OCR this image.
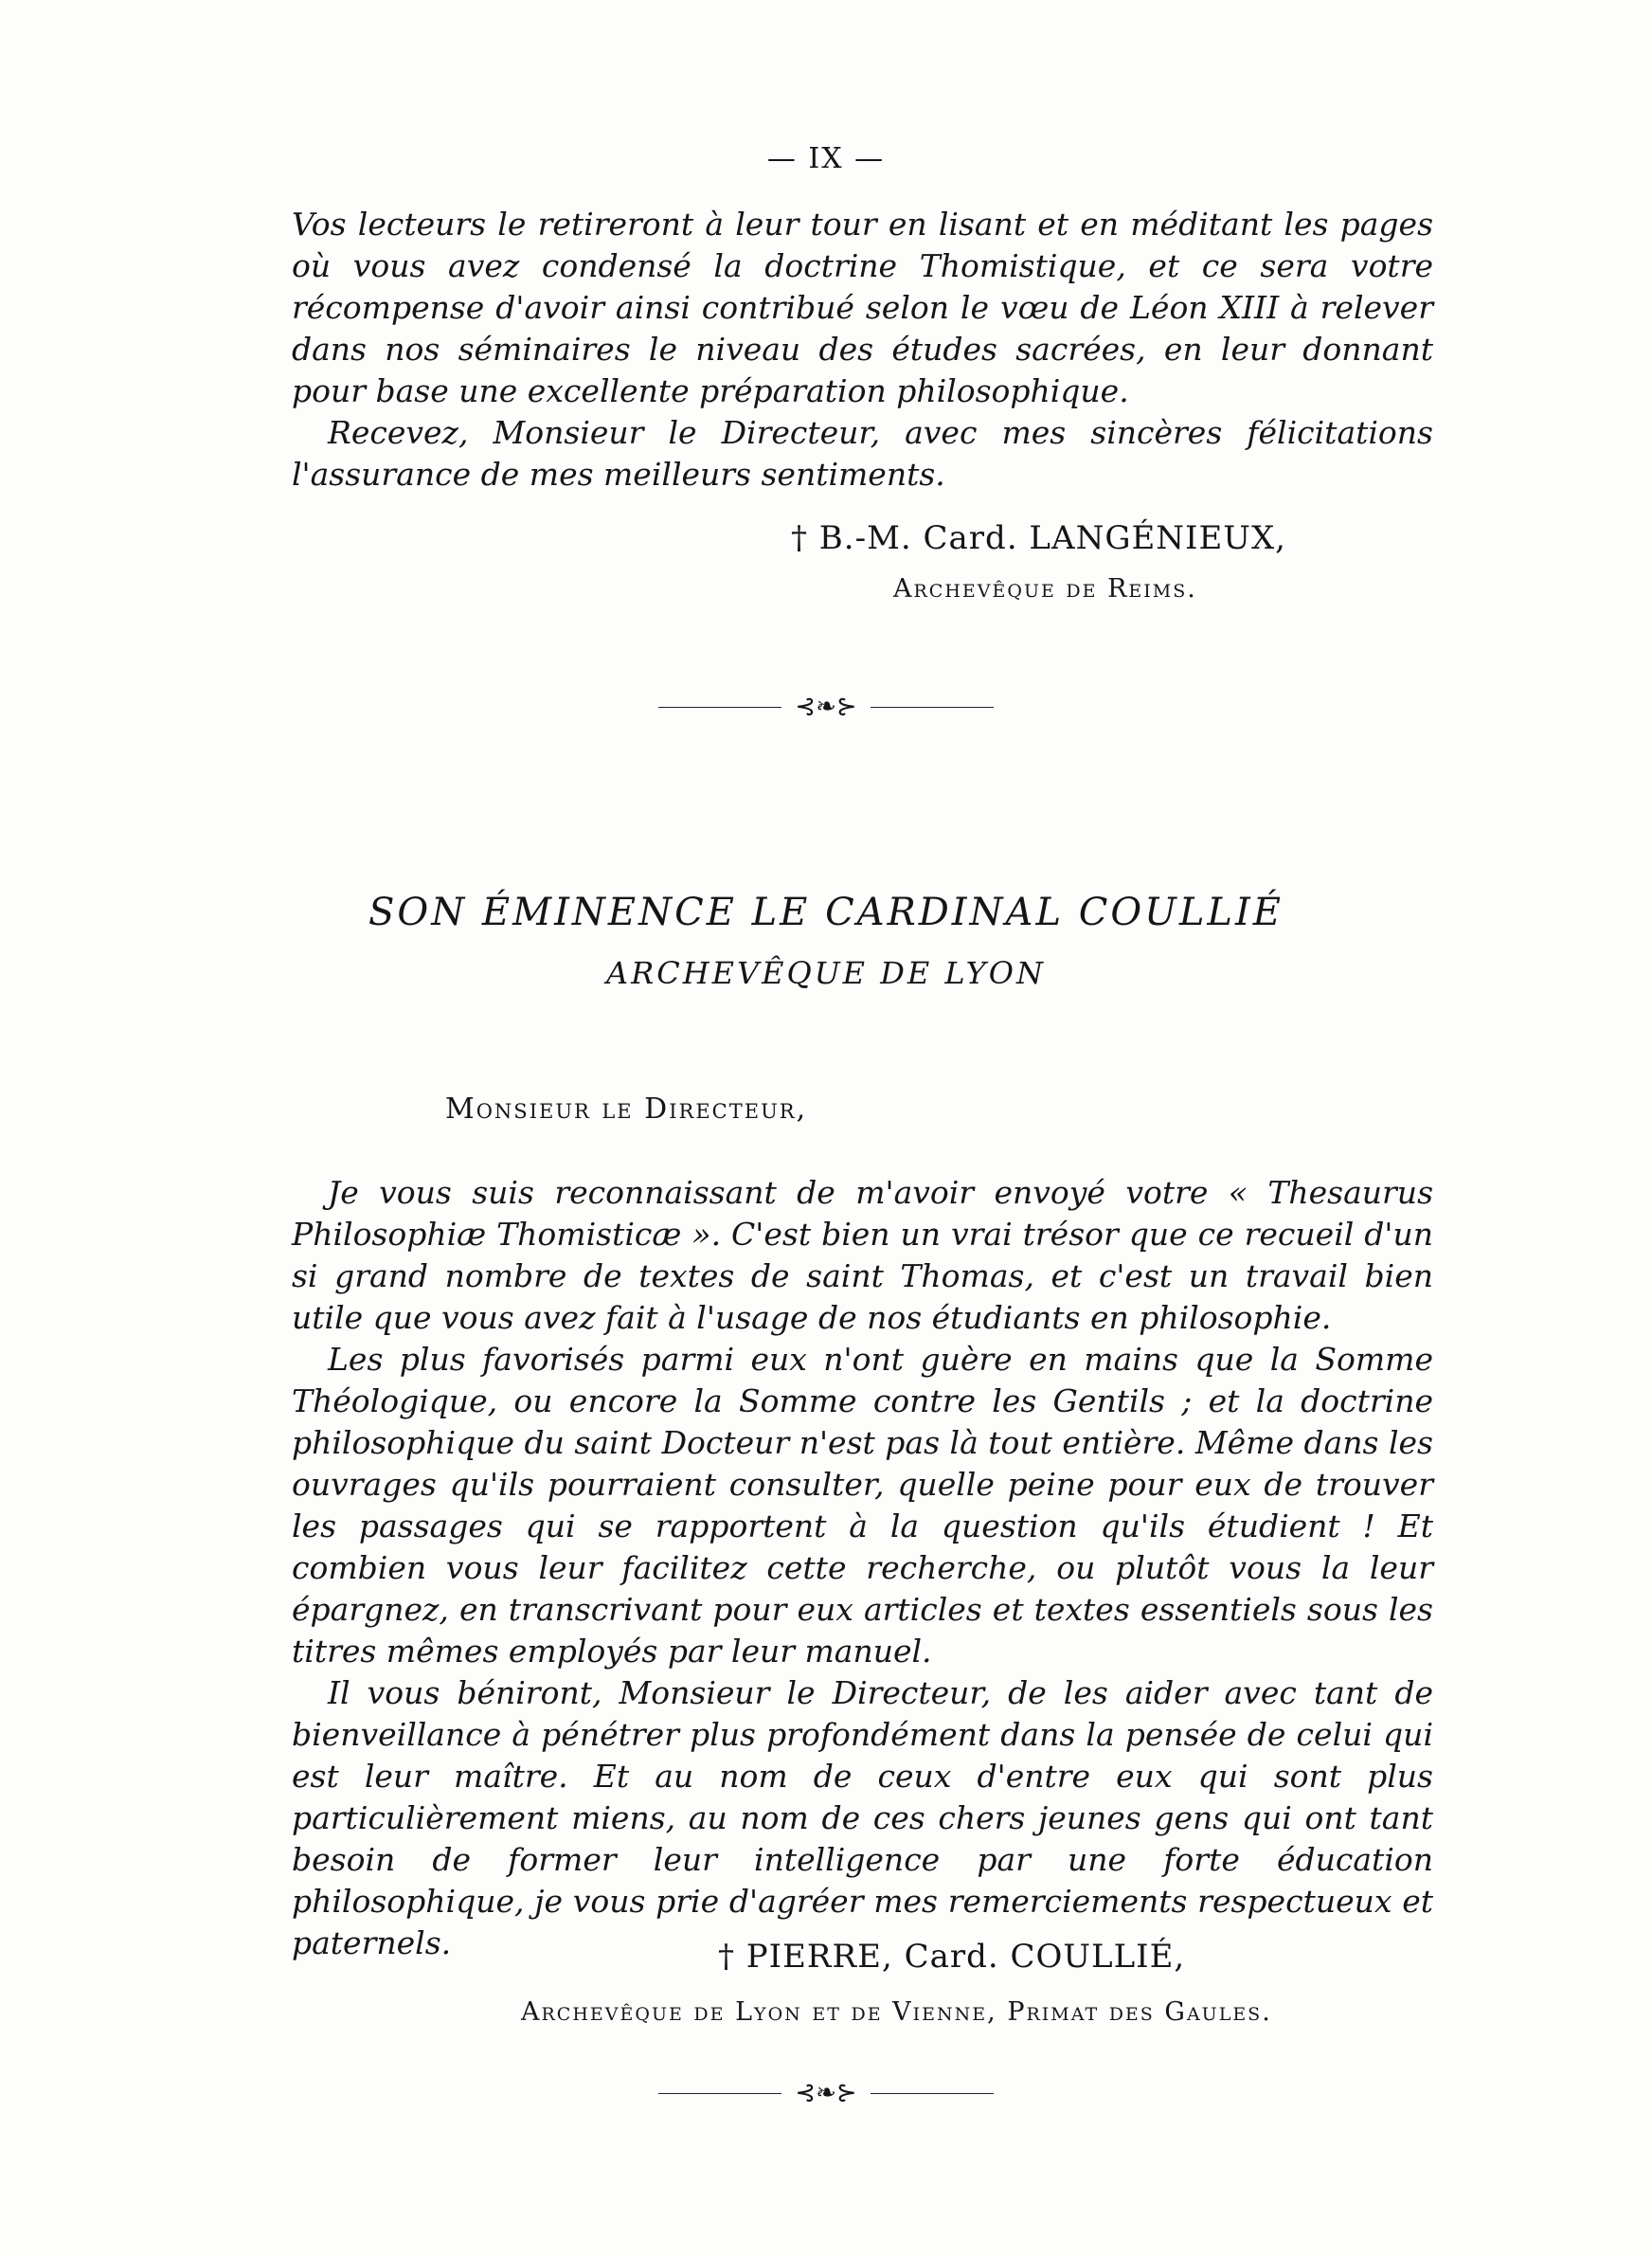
— IX —

Vos lecteurs le retireront à leur tour en lisant et en méditant les pages où vous avez condensé la doctrine Thomistique, et ce sera votre récompense d'avoir ainsi contribué selon le vœu de Léon XIII à relever dans nos séminaires le niveau des études sacrées, en leur donnant pour base une excellente préparation philosophique.

Recevez, Monsieur le Directeur, avec mes sincères félicitations l'assurance de mes meilleurs sentiments.

† B.-M. Card. LANGÉNIEUX,
Archevêque de Reims.
⊰❧⊱
SON ÉMINENCE LE CARDINAL COULLIÉ
ARCHEVÊQUE DE LYON
Monsieur le Directeur,

Je vous suis reconnaissant de m'avoir envoyé votre « Thesaurus Philosophiæ Thomisticæ ». C'est bien un vrai trésor que ce recueil d'un si grand nombre de textes de saint Thomas, et c'est un travail bien utile que vous avez fait à l'usage de nos étudiants en philosophie.

Les plus favorisés parmi eux n'ont guère en mains que la Somme Théologique, ou encore la Somme contre les Gentils ; et la doctrine philosophique du saint Docteur n'est pas là tout entière. Même dans les ouvrages qu'ils pourraient consulter, quelle peine pour eux de trouver les passages qui se rapportent à la question qu'ils étudient ! Et combien vous leur facilitez cette recherche, ou plutôt vous la leur épargnez, en transcrivant pour eux articles et textes essentiels sous les titres mêmes employés par leur manuel.

Il vous béniront, Monsieur le Directeur, de les aider avec tant de bienveillance à pénétrer plus profondément dans la pensée de celui qui est leur maître. Et au nom de ceux d'entre eux qui sont plus particulièrement miens, au nom de ces chers jeunes gens qui ont tant besoin de former leur intelligence par une forte éducation philosophique, je vous prie d'agréer mes remerciements respectueux et paternels.	† PIERRE, Card. COULLIÉ,
Archevêque de Lyon et de Vienne, Primat des Gaules.
⊰❧⊱
